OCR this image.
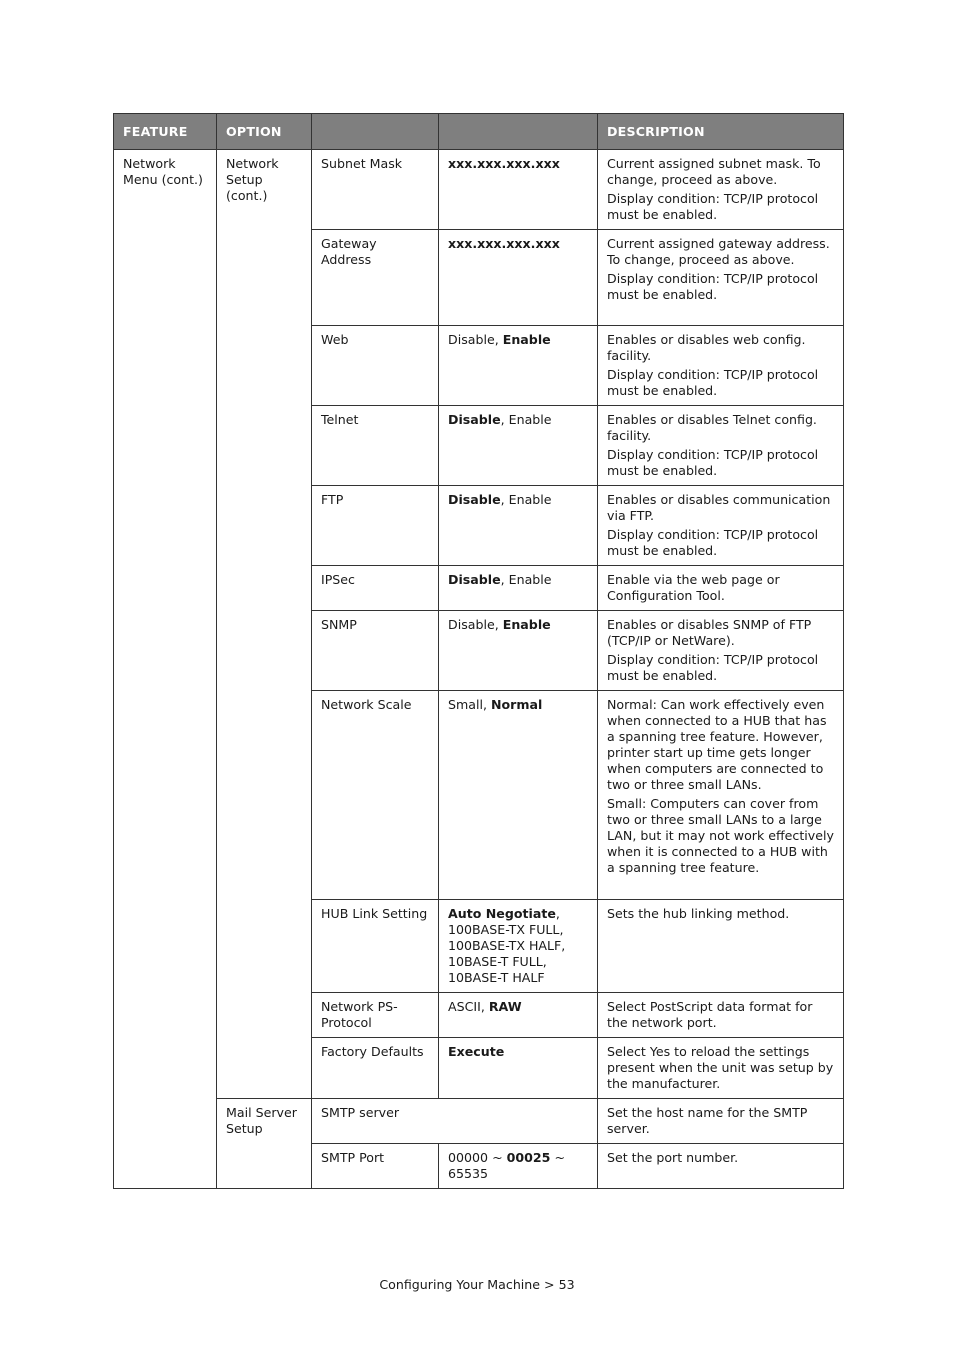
FEATURE	OPTION			DESCRIPTION
Network Menu (cont.)	Network Setup (cont.)	Subnet Mask	xxx.xxx.xxx.xxx	Current assigned subnet mask. To change, proceed as above.

Display condition: TCP/IP protocol must be enabled.

		Gateway Address	xxx.xxx.xxx.xxx	Current assigned gateway address. To change, proceed as above.

Display condition: TCP/IP protocol must be enabled.

		Web	Disable, Enable	Enables or disables web config. facility.

Display condition: TCP/IP protocol must be enabled.

		Telnet	Disable, Enable	Enables or disables Telnet config. facility.

Display condition: TCP/IP protocol must be enabled.

		FTP	Disable, Enable	Enables or disables communication via FTP.

Display condition: TCP/IP protocol must be enabled.

		IPSec	Disable, Enable	Enable via the web page or Configuration Tool.

		SNMP	Disable, Enable	Enables or disables SNMP of FTP (TCP/IP or NetWare).

Display condition: TCP/IP protocol must be enabled.

		Network Scale	Small, Normal	Normal: Can work effectively even when connected to a HUB that has a spanning tree feature. However, printer start up time gets longer when computers are connected to two or three small LANs.

Small: Computers can cover from two or three small LANs to a large LAN, but it may not work effectively when it is connected to a HUB with a spanning tree feature.

		HUB Link Setting	Auto Negotiate, 100BASE-TX FULL, 100BASE-TX HALF, 10BASE-T FULL, 10BASE-T HALF	Sets the hub linking method.

		Network PS-Protocol	ASCII, RAW	Select PostScript data format for the network port.

		Factory Defaults	Execute	Select Yes to reload the settings present when the unit was setup by the manufacturer.

	Mail Server Setup	SMTP server		Set the host name for the SMTP server.

		SMTP Port	00000 ~ 00025 ~ 65535	Set the port number.

Configuring Your Machine > 53
